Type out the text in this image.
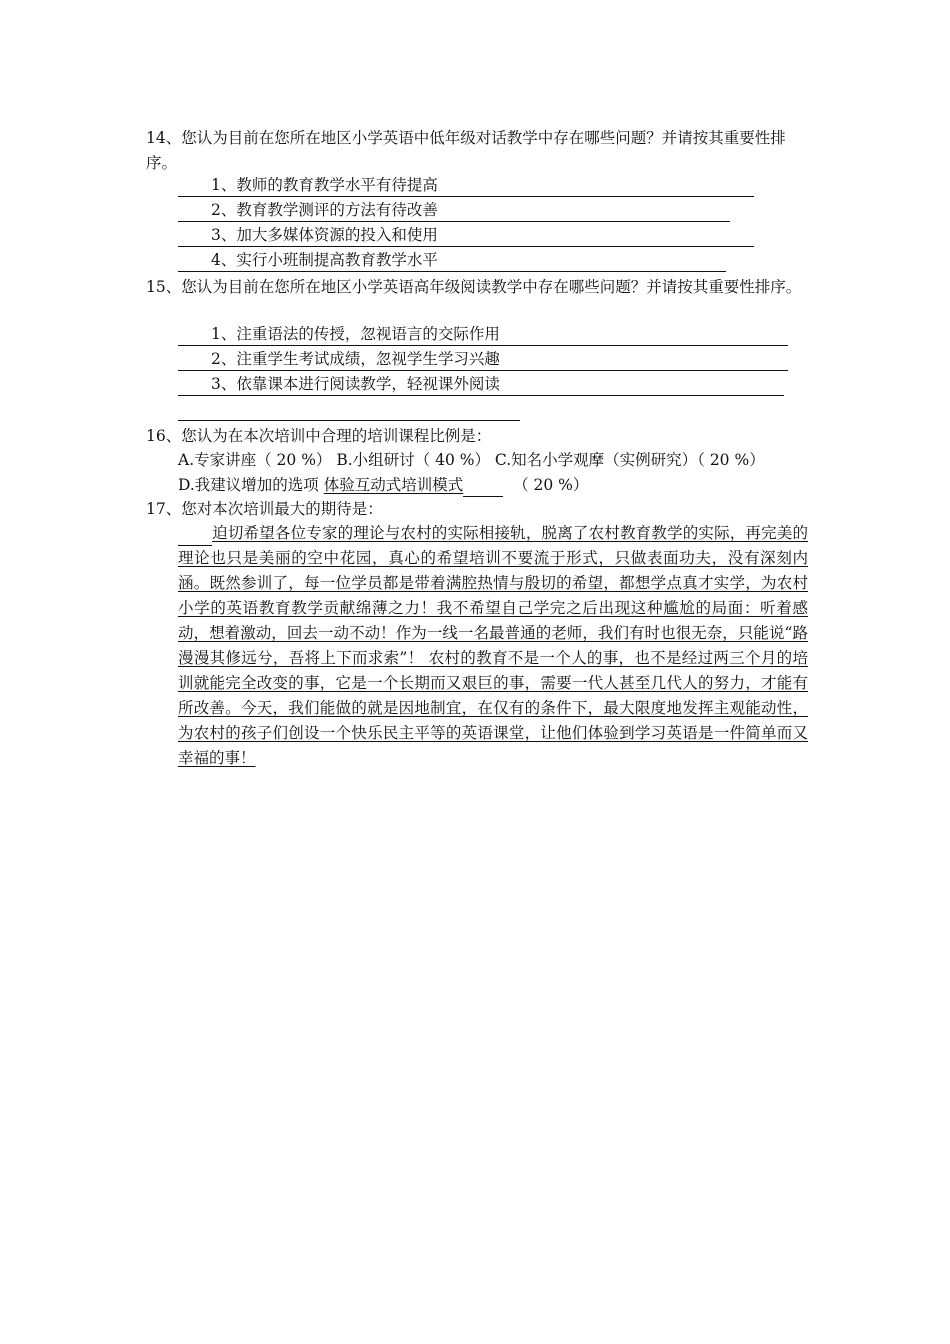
14、您认为目前在您所在地区小学英语中低年级对话教学中存在哪些问题？并请按其重要性排序。
1、教师的教育教学水平有待提高
2、教育教学测评的方法有待改善
3、加大多媒体资源的投入和使用
4、实行小班制提高教育教学水平
15、您认为目前在您所在地区小学英语高年级阅读教学中存在哪些问题？并请按其重要性排序。
1、注重语法的传授，忽视语言的交际作用
2、注重学生考试成绩，忽视学生学习兴趣
3、依靠课本进行阅读教学，轻视课外阅读
16、您认为在本次培训中合理的培训课程比例是：
A.专家讲座（ 20 %） B.小组研讨（ 40 %） C.知名小学观摩（实例研究）（ 20 %）
D.我建议增加的选项 体验互动式培训模式	（ 20 %）
17、您对本次培训最大的期待是：
迫切希望各位专家的理论与农村的实际相接轨，脱离了农村教育教学的实际，再完美的理论也只是美丽的空中花园，真心的希望培训不要流于形式，只做表面功夫，没有深刻内涵。既然参训了，每一位学员都是带着满腔热情与殷切的希望，都想学点真才实学，为农村小学的英语教育教学贡献绵薄之力！我不希望自己学完之后出现这种尴尬的局面：听着感动，想着激动，回去一动不动！作为一线一名最普通的老师，我们有时也很无奈，只能说“路漫漫其修远兮，吾将上下而求索”！ 农村的教育不是一个人的事，也不是经过两三个月的培训就能完全改变的事，它是一个长期而又艰巨的事，需要一代人甚至几代人的努力，才能有所改善。今天，我们能做的就是因地制宜，在仅有的条件下，最大限度地发挥主观能动性，为农村的孩子们创设一个快乐民主平等的英语课堂，让他们体验到学习英语是一件简单而又幸福的事！
